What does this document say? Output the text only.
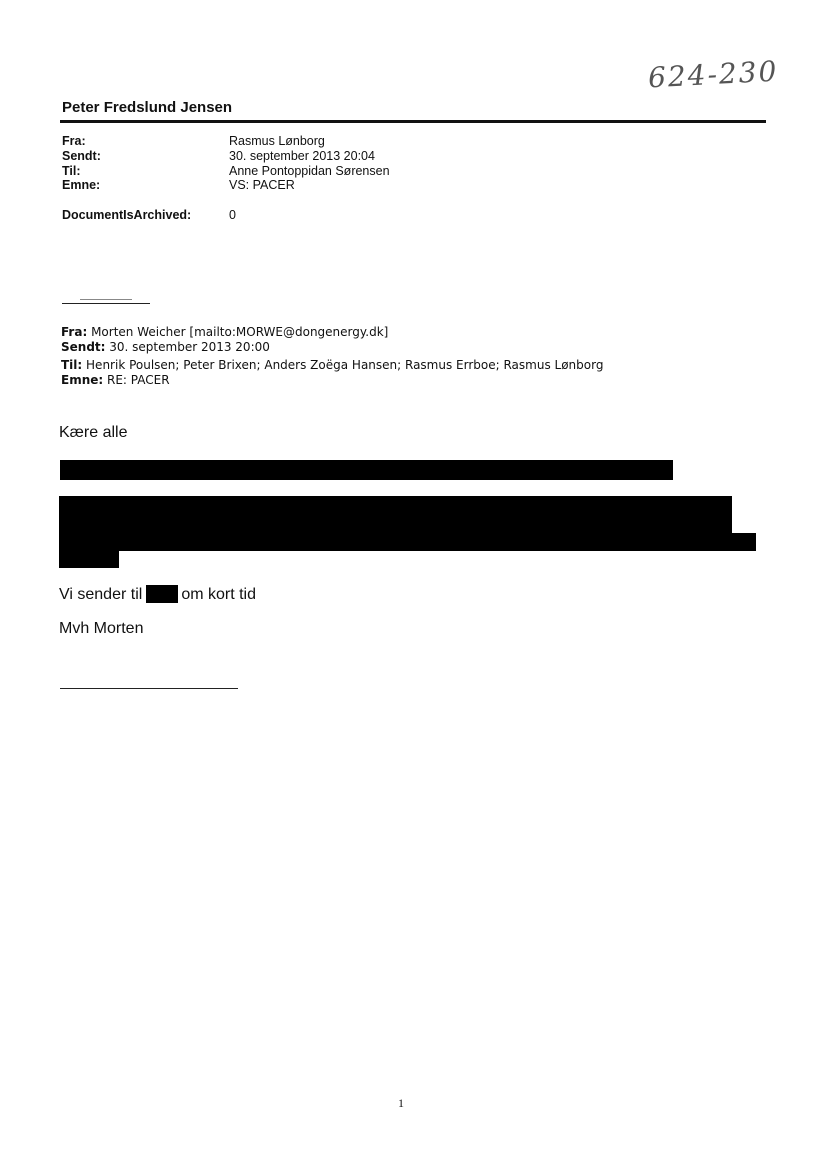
624-230
Peter Fredslund Jensen
Fra:	Rasmus Lønborg
Sendt:	30. september 2013 20:04
Til:	Anne Pontoppidan Sørensen
Emne:	VS: PACER
DocumentIsArchived:	0
Fra: Morten Weicher [mailto:MORWE@dongenergy.dk]
Sendt: 30. september 2013 20:00
Til: Henrik Poulsen; Peter Brixen; Anders Zoëga Hansen; Rasmus Errboe; Rasmus Lønborg
Emne: RE: PACER
Kære alle
Vi sender til om kort tid
Mvh Morten
1
